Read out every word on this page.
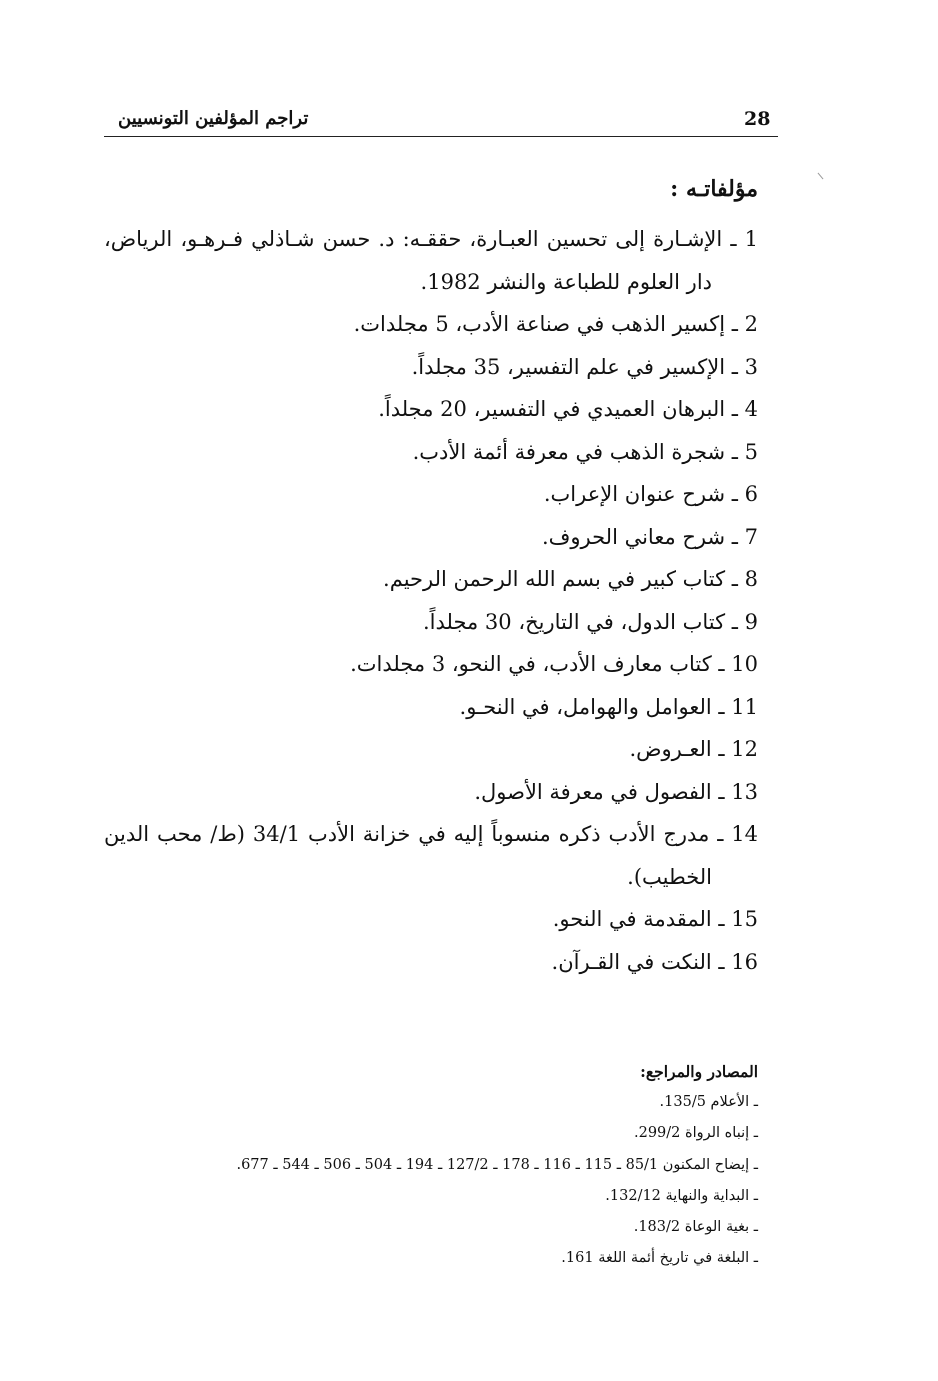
28
تراجم المؤلفين التونسيين
مؤلفاتـه :
1 ـ الإشـارة إلى تحسين العبـارة، حققـه: د. حسن شـاذلي فـرهـو، الرياض، دار العلوم للطباعة والنشر 1982.
2 ـ إكسير الذهب في صناعة الأدب، 5 مجلدات.
3 ـ الإكسير في علم التفسير، 35 مجلداً.
4 ـ البرهان العميدي في التفسير، 20 مجلداً.
5 ـ شجرة الذهب في معرفة أئمة الأدب.
6 ـ شرح عنوان الإعراب.
7 ـ شرح معاني الحروف.
8 ـ كتاب كبير في بسم الله الرحمن الرحيم.
9 ـ كتاب الدول، في التاريخ، 30 مجلداً.
10 ـ كتاب معارف الأدب، في النحو، 3 مجلدات.
11 ـ العوامل والهوامل، في النحـو.
12 ـ العـروض.
13 ـ الفصول في معرفة الأصول.
14 ـ مدرج الأدب ذكره منسوباً إليه في خزانة الأدب 34/1 (ط/ محب الدين الخطيب).
15 ـ المقدمة في النحو.
16 ـ النكت في القـرآن.
المصادر والمراجع:
ـ الأعلام 135/5.
ـ إنباه الرواة 299/2.
ـ إيضاح المكنون 85/1 ـ 115 ـ 116 ـ 178 ـ 127/2 ـ 194 ـ 504 ـ 506 ـ 544 ـ 677.
ـ البداية والنهاية 132/12.
ـ بغية الوعاة 183/2.
ـ البلغة في تاريخ أئمة اللغة 161.
